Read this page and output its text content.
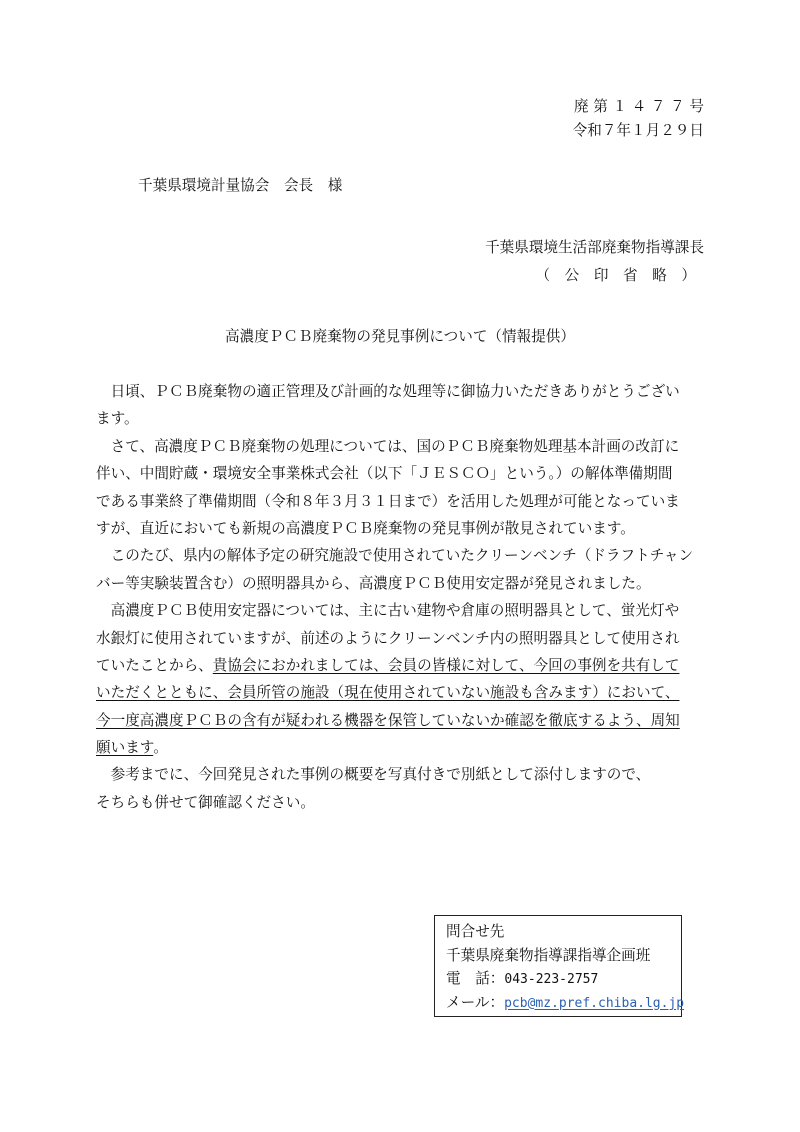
廃 第 １ ４ ７ ７ 号
令和７年１月２９日
千葉県環境計量協会　会長　様
千葉県環境生活部廃棄物指導課長
（　公　印　省　略　）
高濃度ＰＣＢ廃棄物の発見事例について（情報提供）
　日頃、ＰＣＢ廃棄物の適正管理及び計画的な処理等に御協力いただきありがとうござい
ます。
　さて、高濃度ＰＣＢ廃棄物の処理については、国のＰＣＢ廃棄物処理基本計画の改訂に
伴い、中間貯蔵・環境安全事業株式会社（以下「ＪＥＳＣＯ」という。）の解体準備期間
である事業終了準備期間（令和８年３月３１日まで）を活用した処理が可能となっていま
すが、直近においても新規の高濃度ＰＣＢ廃棄物の発見事例が散見されています。
　このたび、県内の解体予定の研究施設で使用されていたクリーンベンチ（ドラフトチャン
バー等実験装置含む）の照明器具から、高濃度ＰＣＢ使用安定器が発見されました。
　高濃度ＰＣＢ使用安定器については、主に古い建物や倉庫の照明器具として、蛍光灯や
水銀灯に使用されていますが、前述のようにクリーンベンチ内の照明器具として使用され
ていたことから、貴協会におかれましては、会員の皆様に対して、今回の事例を共有して
いただくとともに、会員所管の施設（現在使用されていない施設も含みます）において、
今一度高濃度ＰＣＢの含有が疑われる機器を保管していないか確認を徹底するよう、周知
願います。
　参考までに、今回発見された事例の概要を写真付きで別紙として添付しますので、
そちらも併せて御確認ください。
問合せ先
千葉県廃棄物指導課指導企画班
電　話：043-223-2757
メール：pcb@mz.pref.chiba.lg.jp
